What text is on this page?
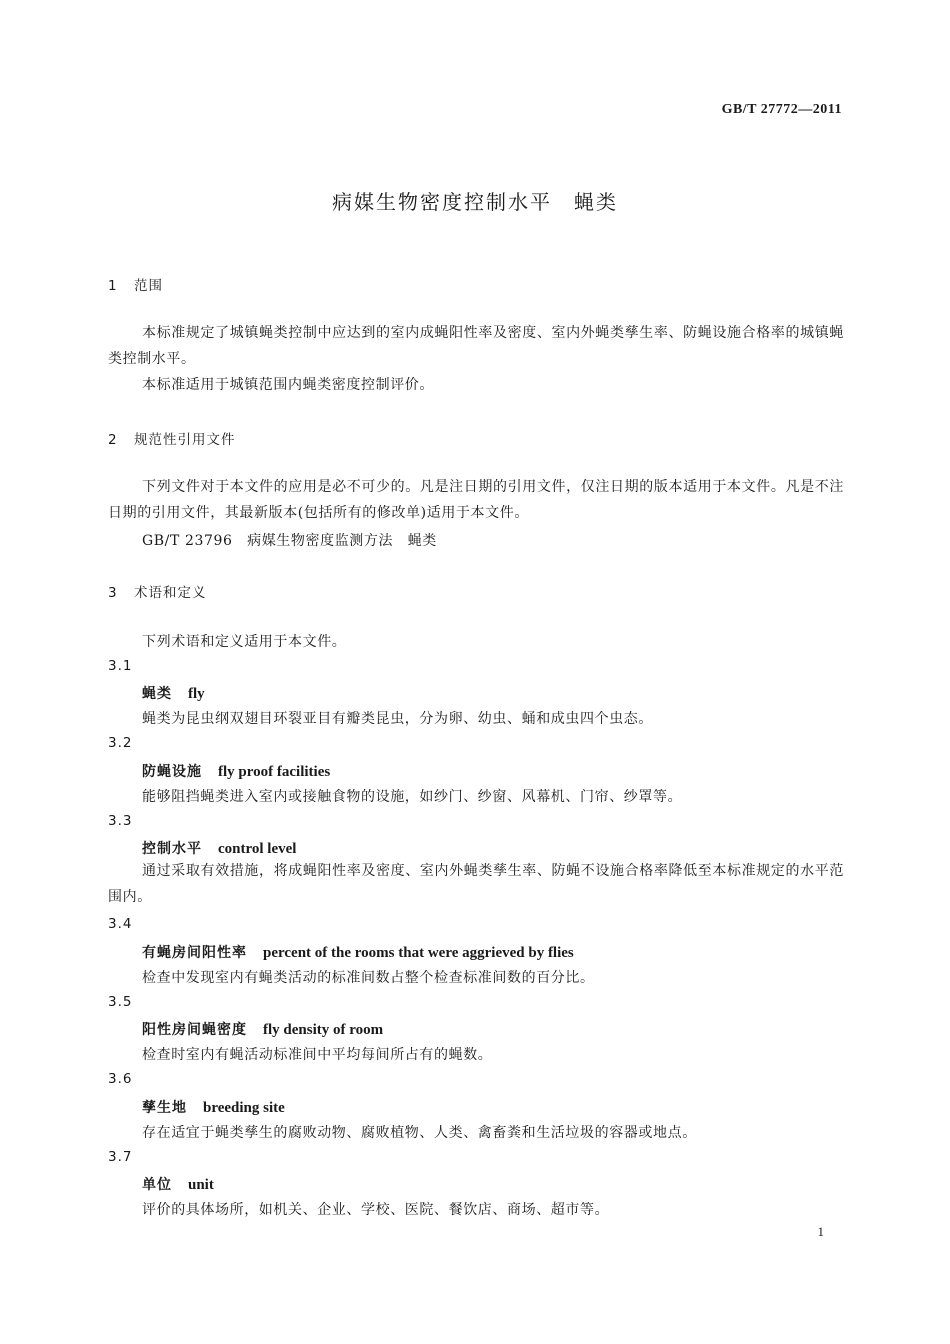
GB/T 27772—2011
病媒生物密度控制水平　蝇类
1 范围
本标准规定了城镇蝇类控制中应达到的室内成蝇阳性率及密度、室内外蝇类孳生率、防蝇设施合格率的城镇蝇类控制水平。
本标准适用于城镇范围内蝇类密度控制评价。
2 规范性引用文件
下列文件对于本文件的应用是必不可少的。凡是注日期的引用文件，仅注日期的版本适用于本文件。凡是不注日期的引用文件，其最新版本(包括所有的修改单)适用于本文件。
GB/T 23796　病媒生物密度监测方法　蝇类
3 术语和定义
下列术语和定义适用于本文件。
3.1
蝇类 fly
蝇类为昆虫纲双翅目环裂亚目有瓣类昆虫，分为卵、幼虫、蛹和成虫四个虫态。
3.2
防蝇设施 fly proof facilities
能够阻挡蝇类进入室内或接触食物的设施，如纱门、纱窗、风幕机、门帘、纱罩等。
3.3
控制水平 control level
通过采取有效措施，将成蝇阳性率及密度、室内外蝇类孳生率、防蝇不设施合格率降低至本标准规定的水平范围内。
3.4
有蝇房间阳性率 percent of the rooms that were aggrieved by flies
检查中发现室内有蝇类活动的标准间数占整个检查标准间数的百分比。
3.5
阳性房间蝇密度 fly density of room
检查时室内有蝇活动标准间中平均每间所占有的蝇数。
3.6
孳生地 breeding site
存在适宜于蝇类孳生的腐败动物、腐败植物、人类、禽畜粪和生活垃圾的容器或地点。
3.7
单位 unit
评价的具体场所，如机关、企业、学校、医院、餐饮店、商场、超市等。
1
